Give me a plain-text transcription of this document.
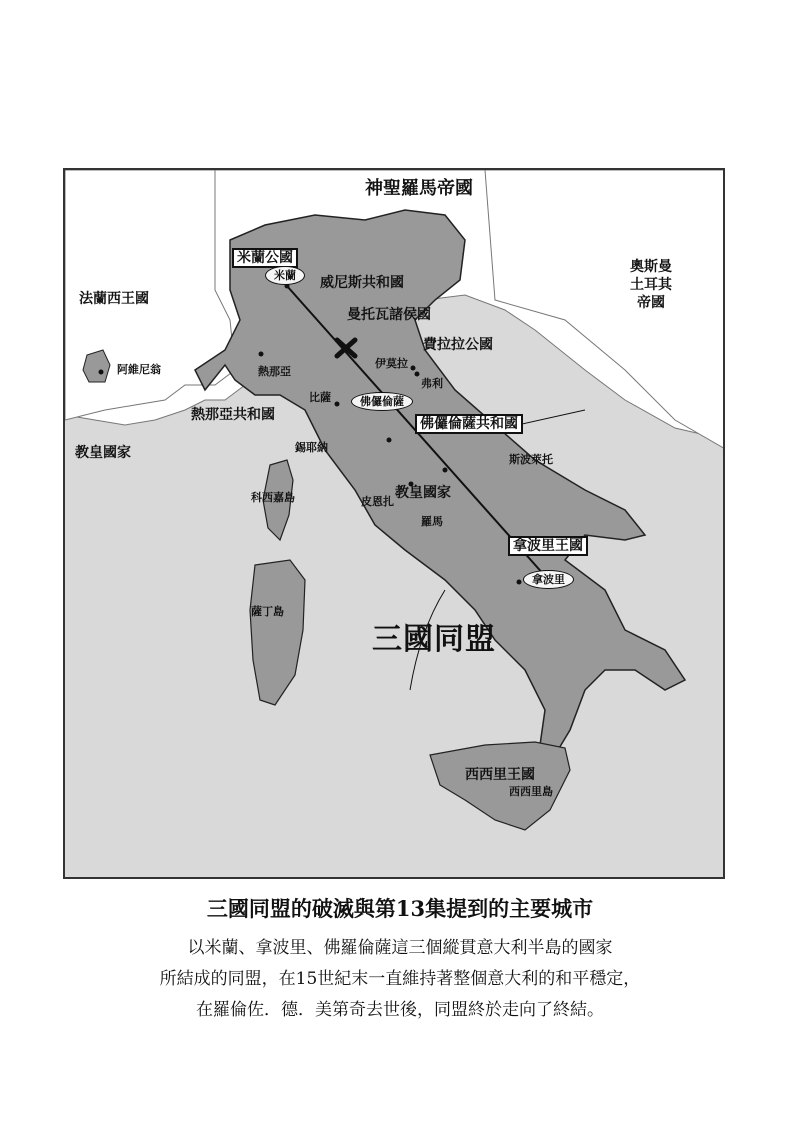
神聖羅馬帝國
奧斯曼
土耳其
帝國
法蘭西王國
米蘭公國
威尼斯共和國
曼托瓦諸侯國
費拉拉公國
熱那亞共和國
佛儸倫薩共和國
教皇國家
教皇國家
拿波里王國
西西里王國
米蘭
阿維尼翁	熱那亞
比薩	佛儸倫薩
伊莫拉
弗利
錫耶納
斯波萊托
皮恩扎
羅馬
拿波里
西西里島
科西嘉島
薩丁島
三國同盟
三國同盟的破滅與第13集提到的主要城市
以米蘭、拿波里、佛羅倫薩這三個縱貫意大利半島的國家
所結成的同盟，在15世紀末一直維持著整個意大利的和平穩定，
在羅倫佐．德．美第奇去世後，同盟終於走向了終結。
